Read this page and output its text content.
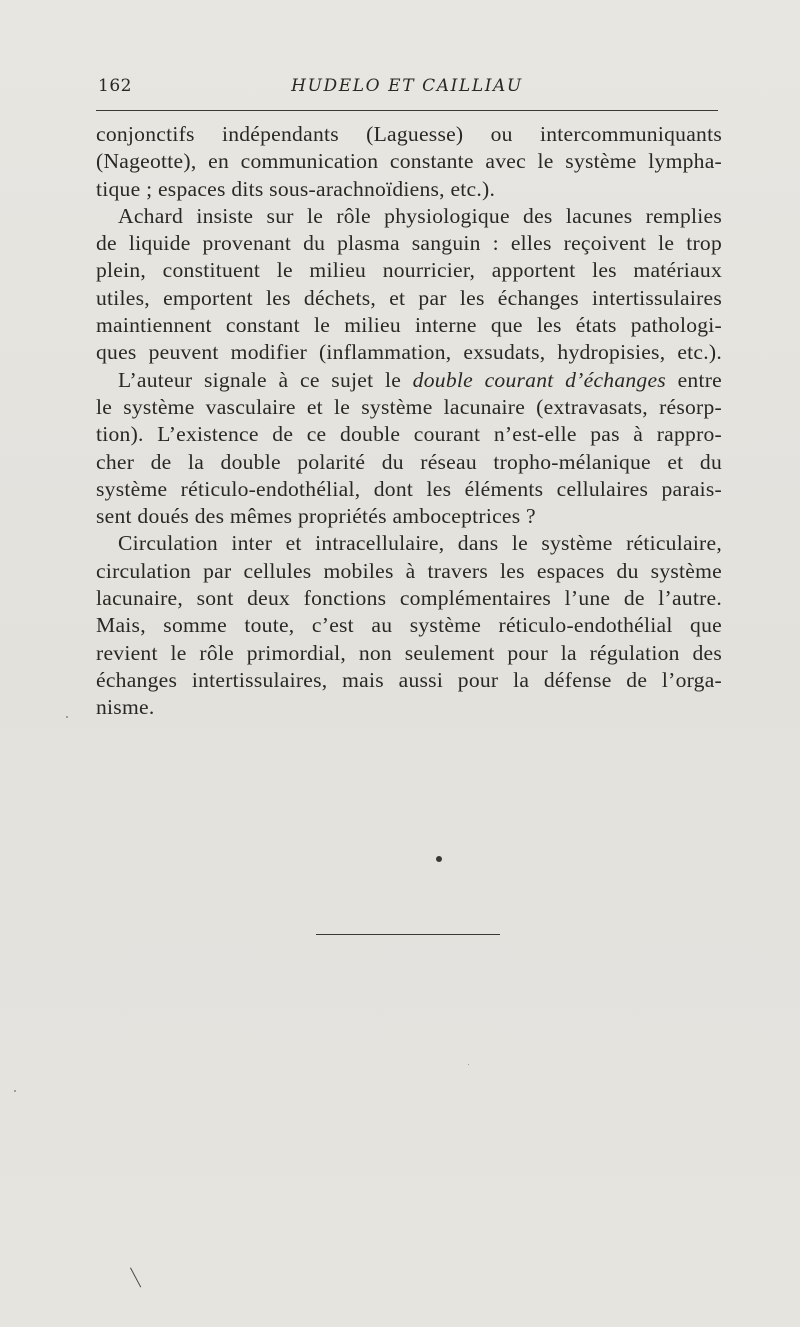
162	HUDELO ET CAILLIAU
conjonctifs indépendants (Laguesse) ou intercommuniquants
(Nageotte), en communication constante avec le système lympha-
tique ; espaces dits sous-arachnoïdiens, etc.).
Achard insiste sur le rôle physiologique des lacunes remplies
de liquide provenant du plasma sanguin : elles reçoivent le trop
plein, constituent le milieu nourricier, apportent les matériaux
utiles, emportent les déchets, et par les échanges intertissulaires
maintiennent constant le milieu interne que les états pathologi-
ques peuvent modifier (inflammation, exsudats, hydropisies, etc.).
L’auteur signale à ce sujet le double courant d’échanges entre
le système vasculaire et le système lacunaire (extravasats, résorp-
tion). L’existence de ce double courant n’est-elle pas à rappro-
cher de la double polarité du réseau tropho-mélanique et du
système réticulo-endothélial, dont les éléments cellulaires parais-
sent doués des mêmes propriétés amboceptrices ?
Circulation inter et intracellulaire, dans le système réticulaire,
circulation par cellules mobiles à travers les espaces du système
lacunaire, sont deux fonctions complémentaires l’une de l’autre.
Mais, somme toute, c’est au système réticulo-endothélial que
revient le rôle primordial, non seulement pour la régulation des
échanges intertissulaires, mais aussi pour la défense de l’orga-
nisme.
